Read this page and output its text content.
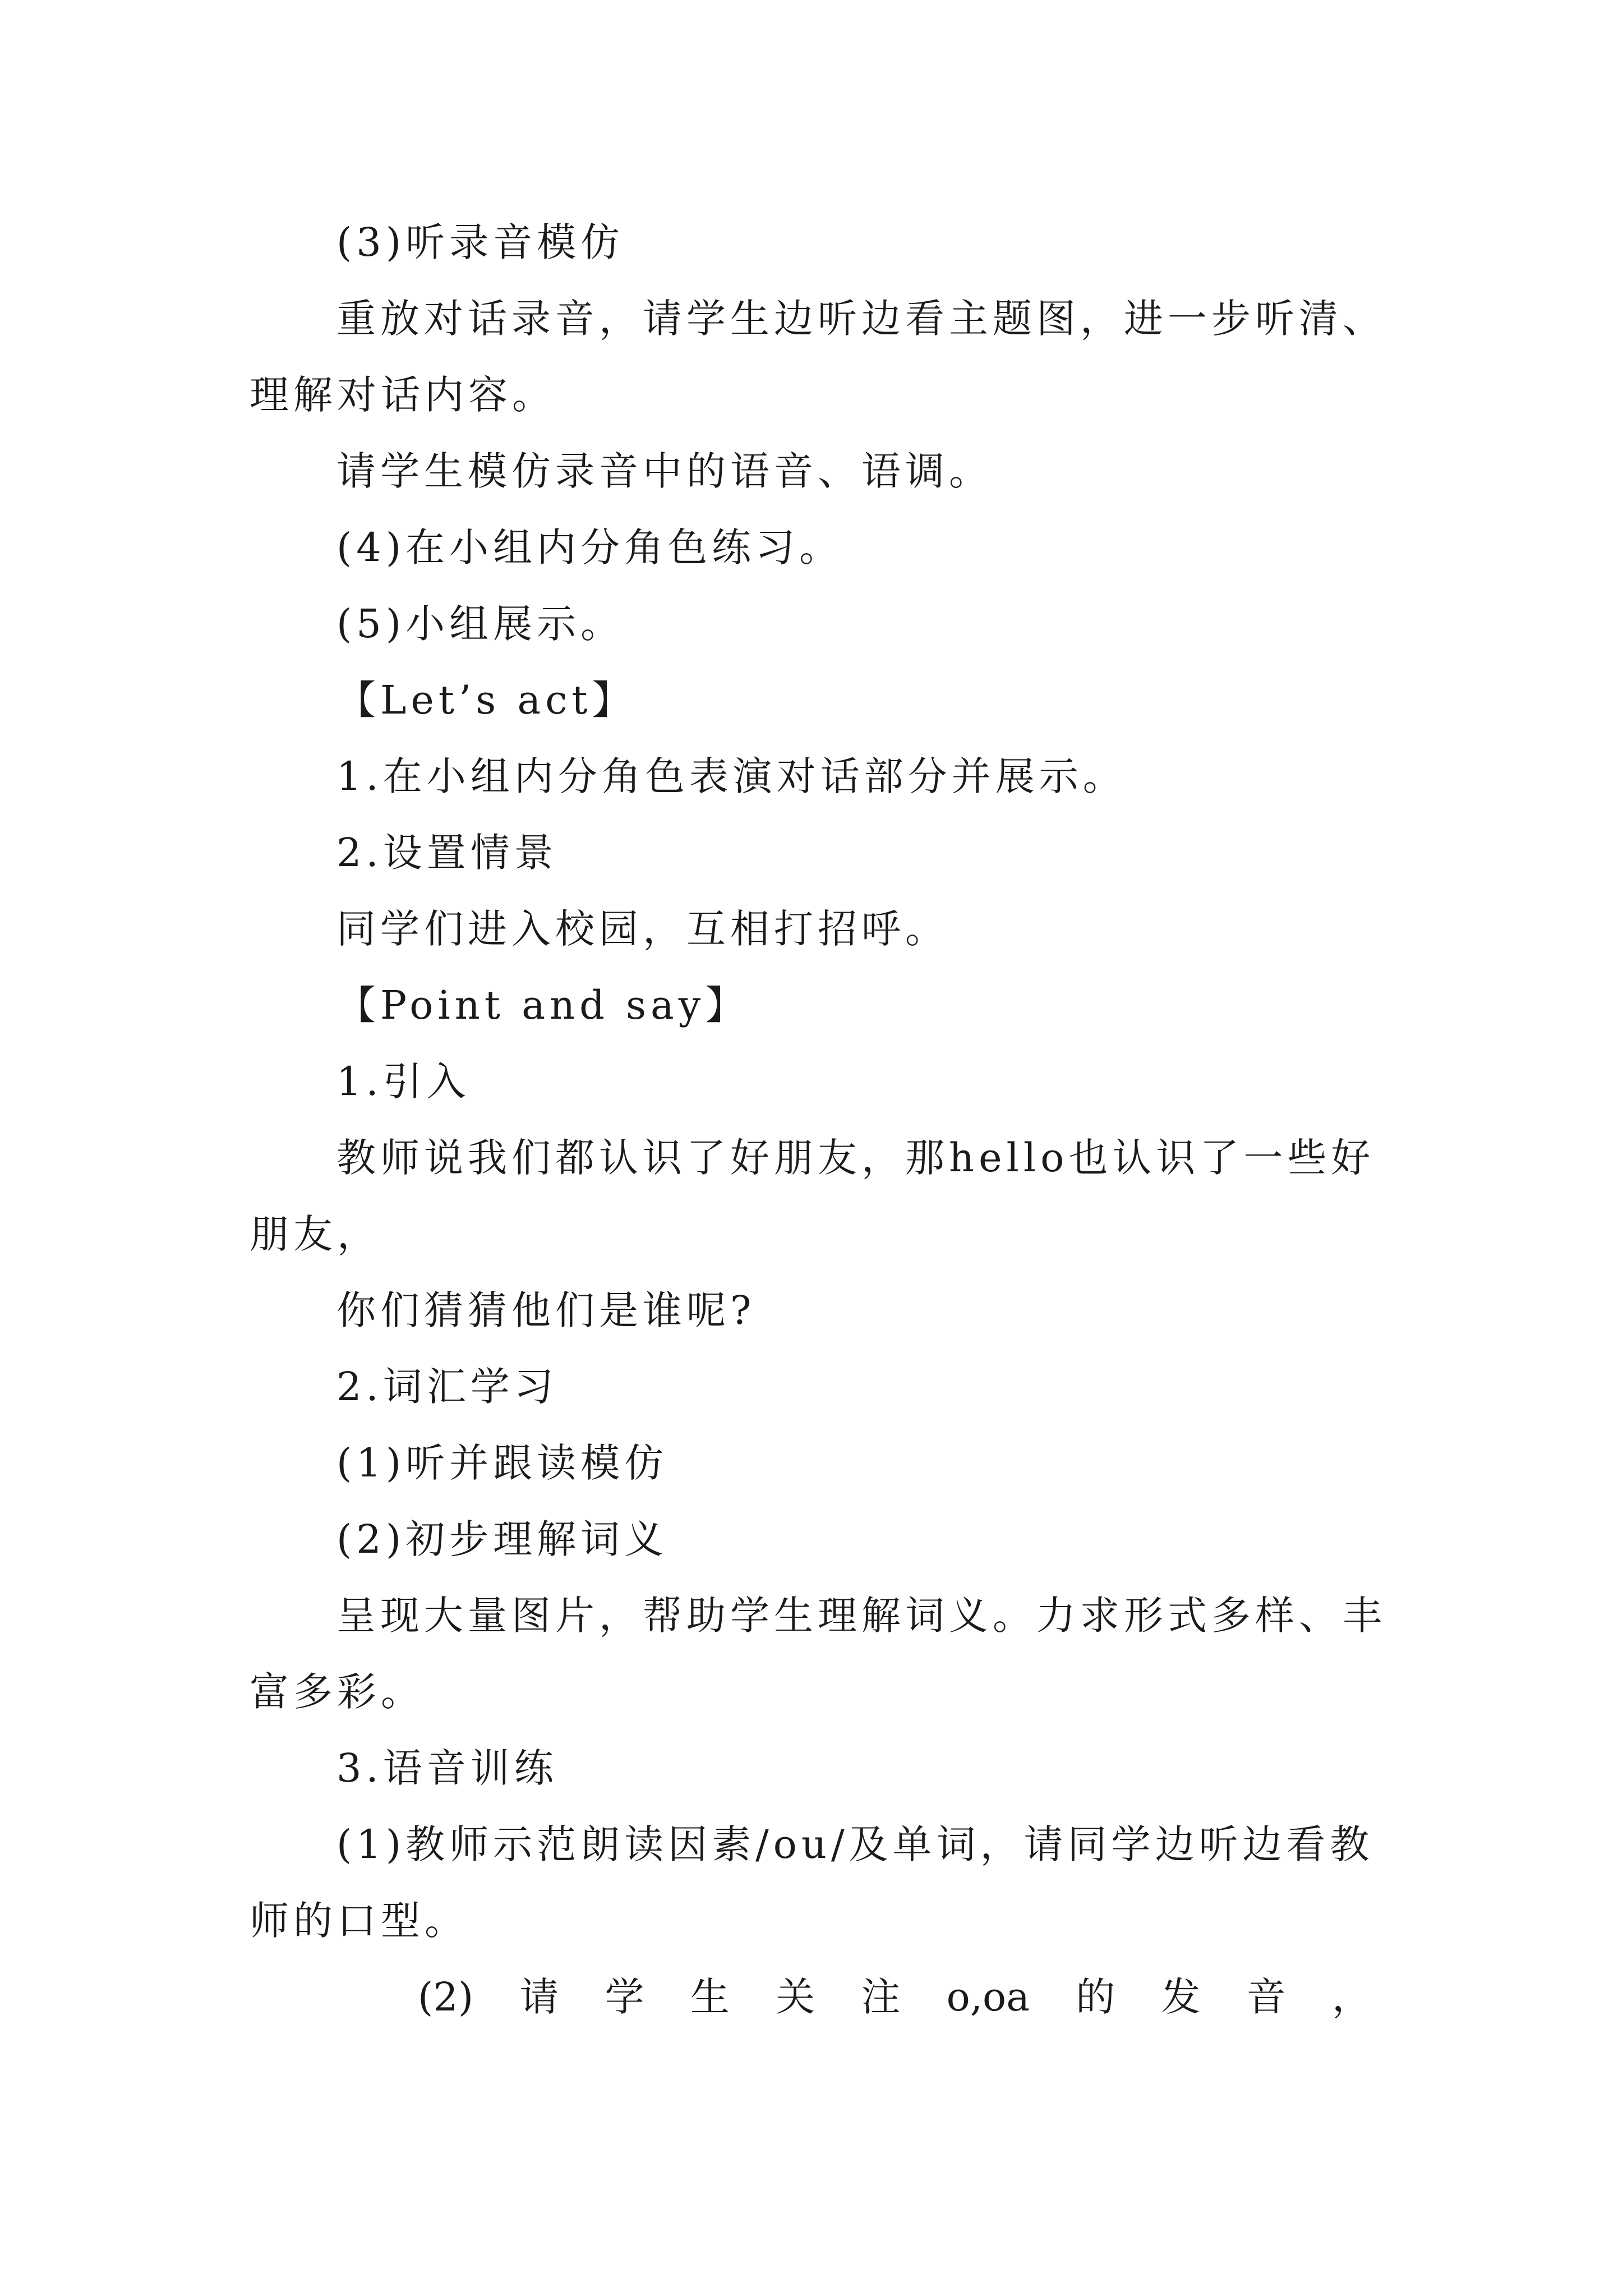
(3)听录音模仿
重放对话录音，请学生边听边看主题图，进一步听清、
理解对话内容。
请学生模仿录音中的语音、语调。
(4)在小组内分角色练习。
(5)小组展示。
【Let’s act】
1.在小组内分角色表演对话部分并展示。
2.设置情景
同学们进入校园，互相打招呼。
【Point and say】
1.引入
教师说我们都认识了好朋友，那hello也认识了一些好
朋友，
你们猜猜他们是谁呢?
2.词汇学习
(1)听并跟读模仿
(2)初步理解词义
呈现大量图片，帮助学生理解词义。力求形式多样、丰
富多彩。
3.语音训练
(1)教师示范朗读因素/ou/及单词，请同学边听边看教
师的口型。
(2) 请 学 生 关 注 o,oa 的 发 音 ，
